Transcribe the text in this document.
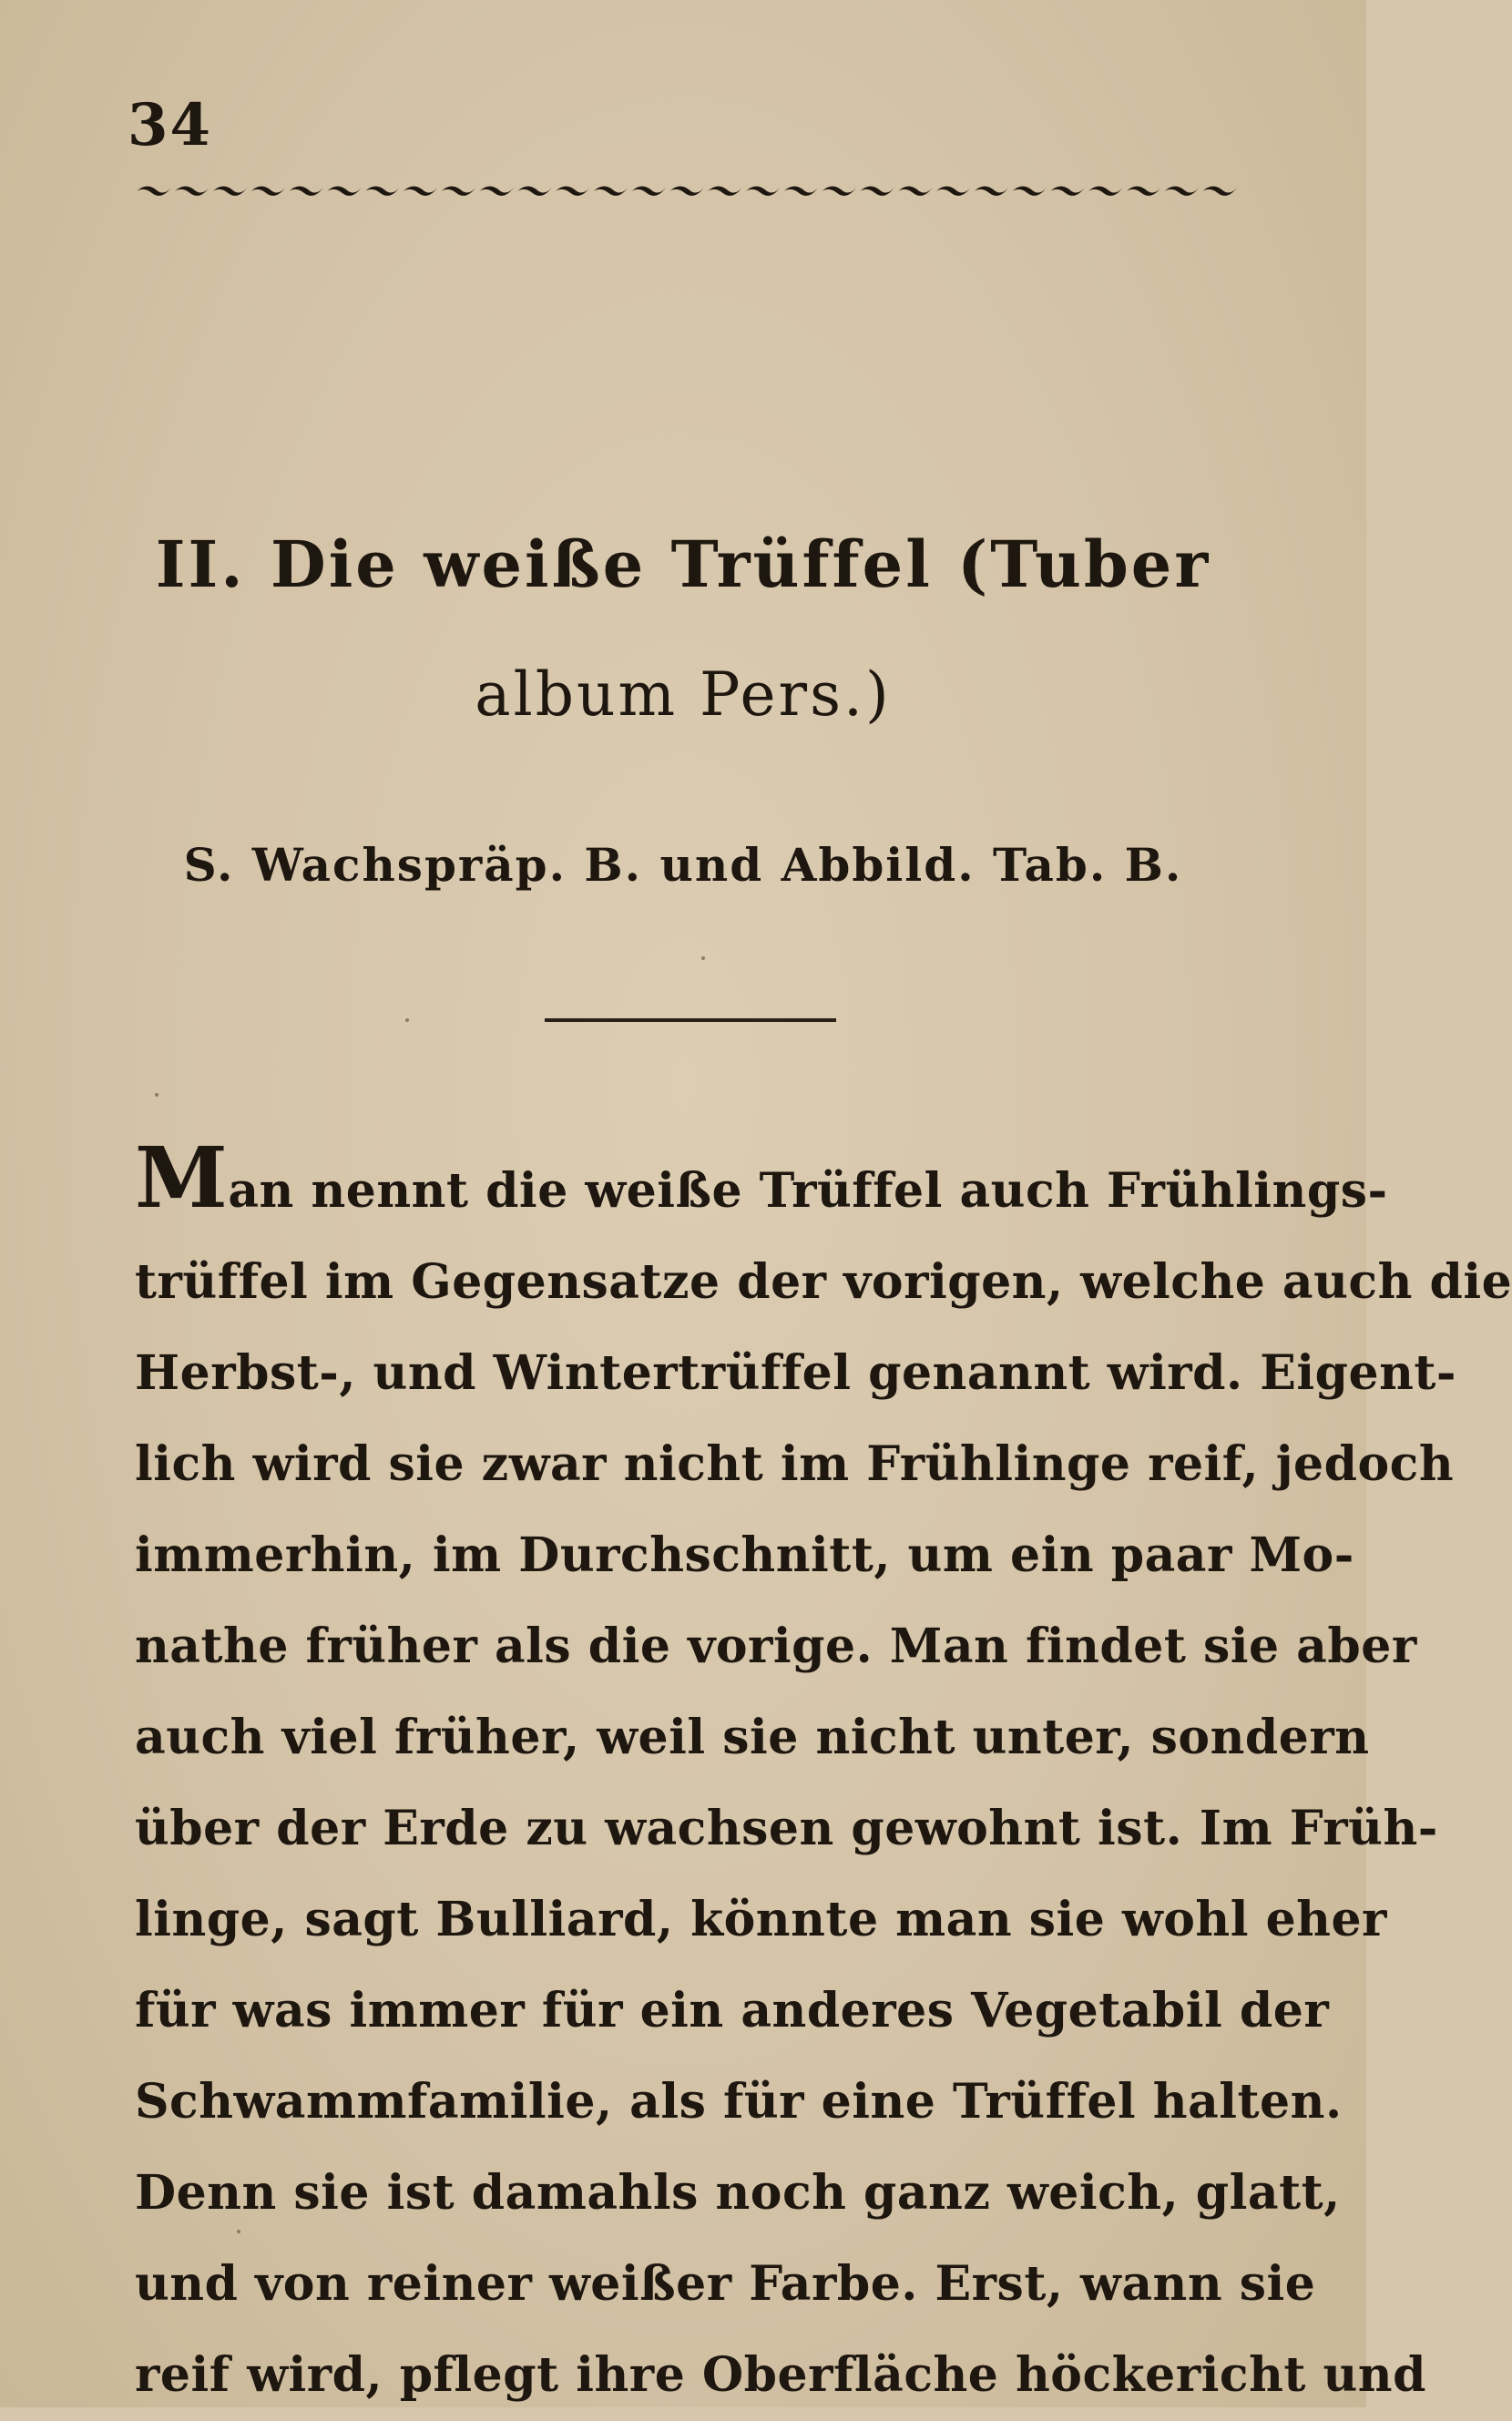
34
II. Die weiße Trüffel (Tuber
album Pers.)
S. Wachspräp. B. und Abbild. Tab. B.
Man nennt die weiße Trüffel auch Frühlings-
trüffel im Gegensatze der vorigen, welche auch die
Herbst-, und Wintertrüffel genannt wird. Eigent-
lich wird sie zwar nicht im Frühlinge reif, jedoch
immerhin, im Durchschnitt, um ein paar Mo-
nathe früher als die vorige. Man findet sie aber
auch viel früher, weil sie nicht unter, sondern
über der Erde zu wachsen gewohnt ist. Im Früh-
linge, sagt Bulliard, könnte man sie wohl eher
für was immer für ein anderes Vegetabil der
Schwammfamilie, als für eine Trüffel halten.
Denn sie ist damahls noch ganz weich, glatt,
und von reiner weißer Farbe. Erst, wann sie
reif wird, pflegt ihre Oberfläche höckericht und
